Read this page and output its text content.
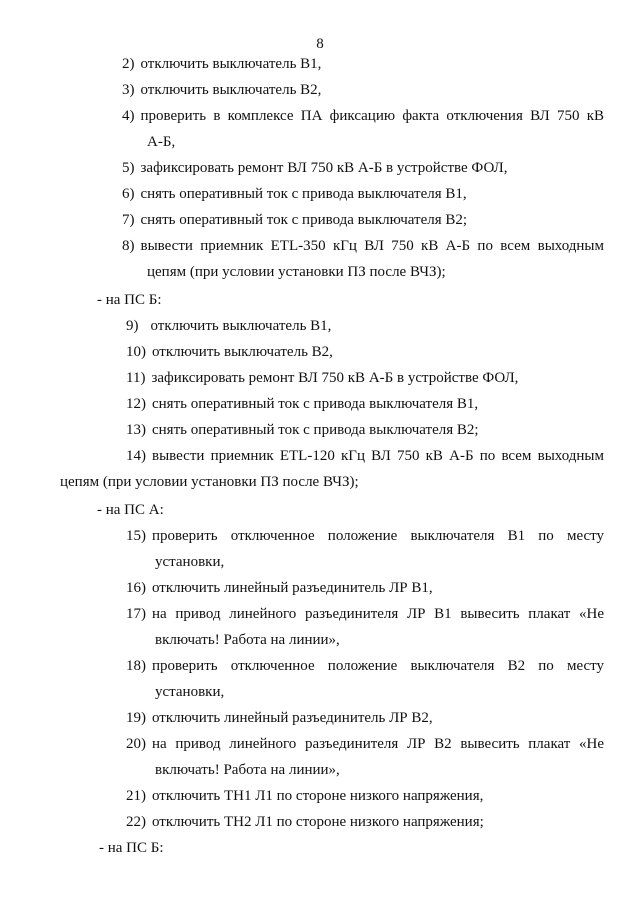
8
2) отключить выключатель В1,
3) отключить выключатель В2,
4) проверить в комплексе ПА фиксацию факта отключения ВЛ 750 кВ
А-Б,
5) зафиксировать ремонт ВЛ 750 кВ А-Б в устройстве ФОЛ,
6) снять оперативный ток с привода выключателя В1,
7) снять оперативный ток с привода выключателя В2;
8) вывести приемник ETL-350 кГц ВЛ 750 кВ А-Б по всем выходным
цепям (при условии установки ПЗ после ВЧЗ);
- на ПС Б:
9) отключить выключатель В1,
10) отключить выключатель В2,
11) зафиксировать ремонт ВЛ 750 кВ А-Б в устройстве ФОЛ,
12) снять оперативный ток с привода выключателя В1,
13) снять оперативный ток с привода выключателя В2;
14) вывести приемник ETL-120 кГц ВЛ 750 кВ А-Б по всем выходным
цепям (при условии установки ПЗ после ВЧЗ);
- на ПС А:
15) проверить отключенное положение выключателя В1 по месту
установки,
16) отключить линейный разъединитель ЛР В1,
17) на привод линейного разъединителя ЛР В1 вывесить плакат «Не
включать! Работа на линии»,
18) проверить отключенное положение выключателя В2 по месту
установки,
19) отключить линейный разъединитель ЛР В2,
20) на привод линейного разъединителя ЛР В2 вывесить плакат «Не
включать! Работа на линии»,
21) отключить ТН1 Л1 по стороне низкого напряжения,
22) отключить ТН2 Л1 по стороне низкого напряжения;
- на ПС Б:
